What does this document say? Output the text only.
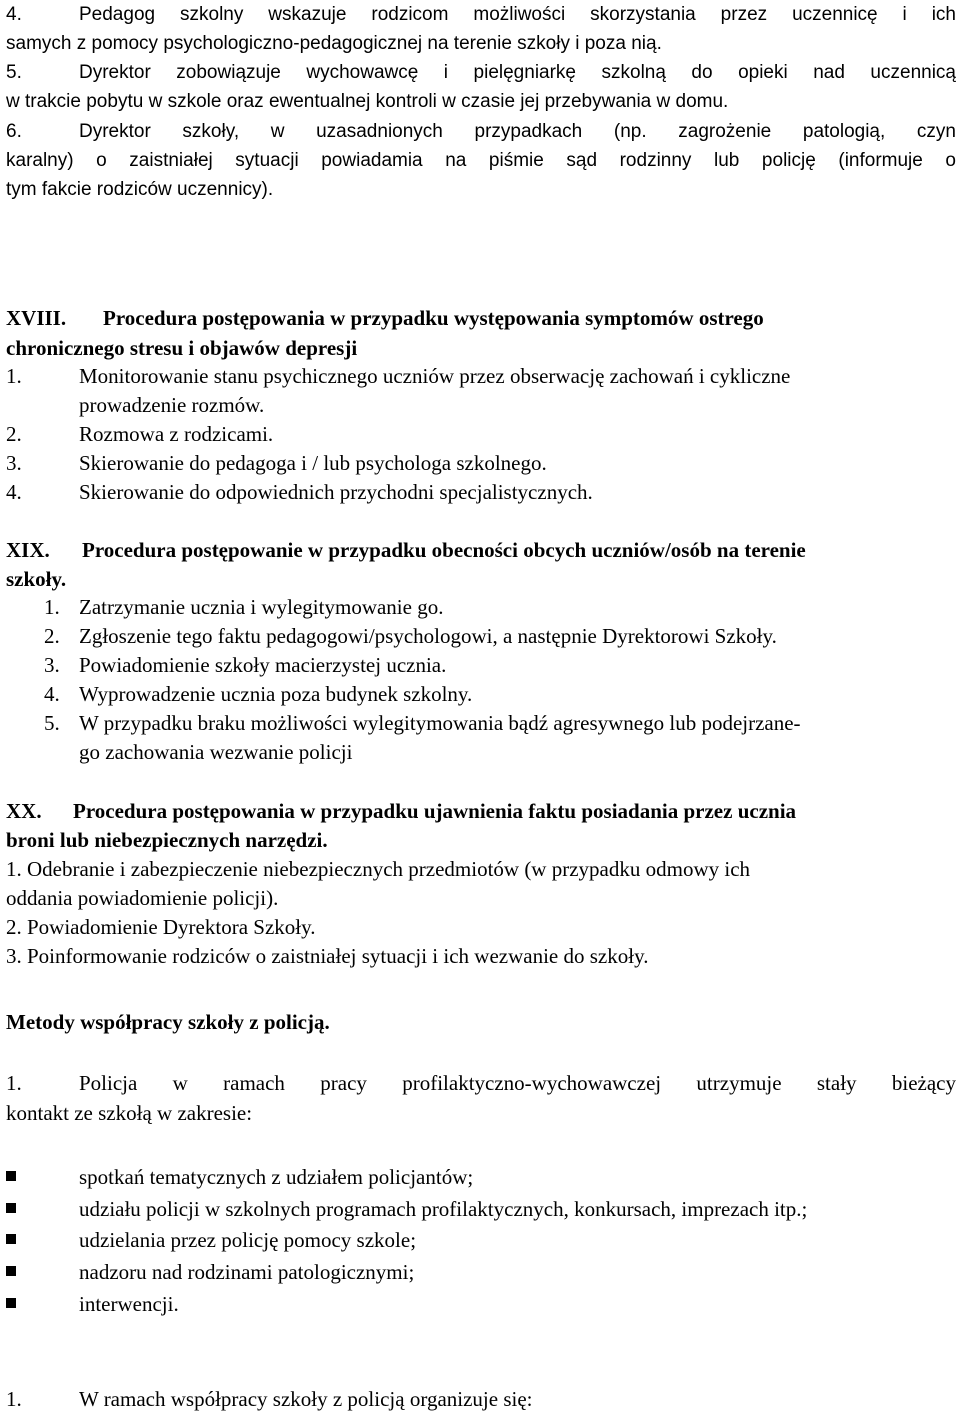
4.	Pedagog szkolny wskazuje rodzicom możliwości skorzystania przez uczennicę i ich
samych z pomocy psychologiczno-pedagogicznej na terenie szkoły i poza nią.
5.	Dyrektor zobowiązuje wychowawcę i pielęgniarkę szkolną do opieki nad uczennicą
w trakcie pobytu w szkole oraz ewentualnej kontroli w czasie jej przebywania w domu.
6.	Dyrektor szkoły, w uzasadnionych przypadkach (np. zagrożenie patologią, czyn
karalny) o zaistniałej sytuacji powiadamia na piśmie sąd rodzinny lub policję (informuje o
tym fakcie rodziców uczennicy).
XVIII. Procedura postępowania w przypadku występowania symptomów ostrego
chronicznego stresu i objawów depresji
1.	Monitorowanie stanu psychicznego uczniów przez obserwację zachowań i cykliczne
prowadzenie rozmów.
2.	Rozmowa z rodzicami.
3.	Skierowanie do pedagoga i / lub psychologa szkolnego.
4.	Skierowanie do odpowiednich przychodni specjalistycznych.
XIX. Procedura postępowanie w przypadku obecności obcych uczniów/osób na terenie
szkoły.
1. Zatrzymanie ucznia i wylegitymowanie go.
2. Zgłoszenie tego faktu pedagogowi/psychologowi, a następnie Dyrektorowi Szkoły.
3. Powiadomienie szkoły macierzystej ucznia.
4. Wyprowadzenie ucznia poza budynek szkolny.
5. W przypadku braku możliwości wylegitymowania bądź agresywnego lub podejrzane-
go zachowania wezwanie policji
XX. Procedura postępowania w przypadku ujawnienia faktu posiadania przez ucznia
broni lub niebezpiecznych narzędzi.
1. Odebranie i zabezpieczenie niebezpiecznych przedmiotów (w przypadku odmowy ich
oddania powiadomienie policji).
2. Powiadomienie Dyrektora Szkoły.
3. Poinformowanie rodziców o zaistniałej sytuacji i ich wezwanie do szkoły.
Metody współpracy szkoły z policją.
1.	Policja w ramach pracy profilaktyczno-wychowawczej utrzymuje stały bieżący
kontakt ze szkołą w zakresie:
spotkań tematycznych z udziałem policjantów;
udziału policji w szkolnych programach profilaktycznych, konkursach, imprezach itp.;
udzielania przez policję pomocy szkole;
nadzoru nad rodzinami patologicznymi;
interwencji.
1.	W ramach współpracy szkoły z policją organizuje się:
